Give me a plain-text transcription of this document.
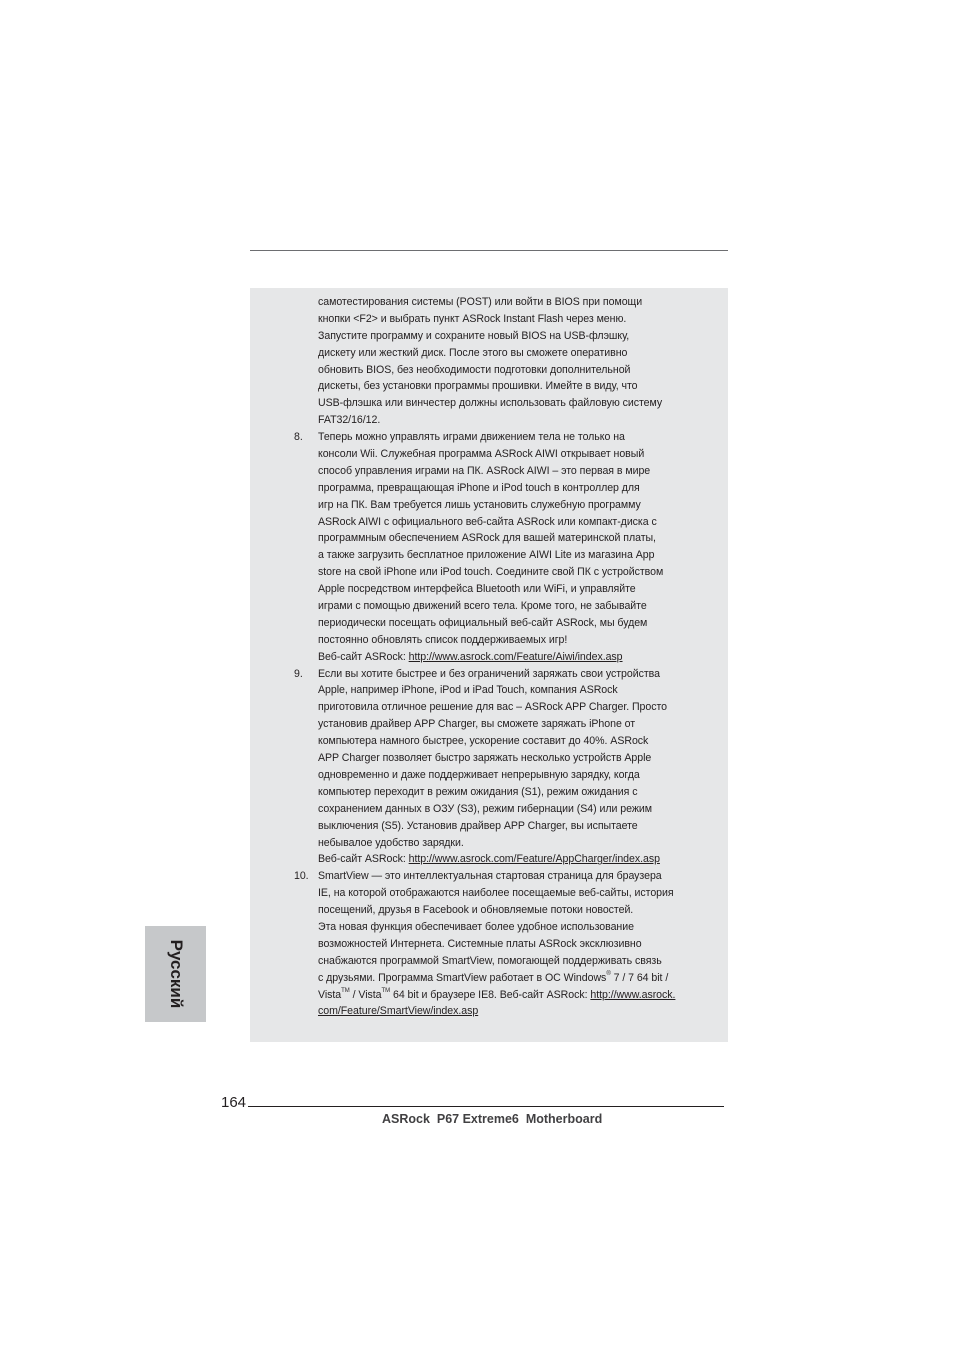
самотестирования системы (POST) или войти в BIOS при помощи
кнопки <F2> и выбрать пункт ASRock Instant Flash через меню.
Запустите программу и сохраните новый BIOS на USB-флэшку,
дискету или жесткий диск. После этого вы сможете оперативно
обновить BIOS, без необходимости подготовки дополнительной
дискеты, без установки программы прошивки. Имейте в виду, что
USB-флэшка или винчестер должны использовать файловую систему
FAT32/16/12.
8. Теперь можно управлять играми движением тела не только на
консоли Wii. Служебная программа ASRock AIWI открывает новый
способ управления играми на ПК. ASRock AIWI – это первая в мире
программа, превращающая iPhone и iPod touch в контроллер для
игр на ПК. Вам требуется лишь установить служебную программу
ASRock AIWI с официального веб-сайта ASRock или компакт-диска с
программным обеспечением ASRock для вашей материнской платы,
а также загрузить бесплатное приложение AIWI Lite из магазина App
store на свой iPhone или iPod touch. Соедините свой ПК с устройством
Apple посредством интерфейса Bluetooth или WiFi, и управляйте
играми с помощью движений всего тела. Кроме того, не забывайте
периодически посещать официальный веб-сайт ASRock, мы будем
постоянно обновлять список поддерживаемых игр!
Веб-сайт ASRock: http://www.asrock.com/Feature/Aiwi/index.asp
9. Если вы хотите быстрее и без ограничений заряжать свои устройства
Apple, например iPhone, iPod и iPad Touch, компания ASRock
приготовила отличное решение для вас – ASRock APP Charger. Просто
установив драйвер APP Charger, вы сможете заряжать iPhone от
компьютера намного быстрее, ускорение составит до 40%. ASRock
APP Charger позволяет быстро заряжать несколько устройств Apple
одновременно и даже поддерживает непрерывную зарядку, когда
компьютер переходит в режим ожидания (S1), режим ожидания с
сохранением данных в ОЗУ (S3), режим гибернации (S4) или режим
выключения (S5). Установив драйвер APP Charger, вы испытаете
небывалое удобство зарядки.
Веб-сайт ASRock: http://www.asrock.com/Feature/AppCharger/index.asp
10. SmartView — это интеллектуальная стартовая страница для браузера
IE, на которой отображаются наиболее посещаемые веб-сайты, история
посещений, друзья в Facebook и обновляемые потоки новостей.
Эта новая функция обеспечивает более удобное использование
возможностей Интернета. Системные платы ASRock эксклюзивно
снабжаются программой SmartView, помогающей поддерживать связь
с друзьями. Программа SmartView работает в ОС Windows® 7 / 7 64 bit /
Vista™ / Vista™ 64 bit и браузере IE8. Веб-сайт ASRock: http://www.asrock.
com/Feature/SmartView/index.asp
Русский
164
ASRock  P67 Extreme6  Motherboard
